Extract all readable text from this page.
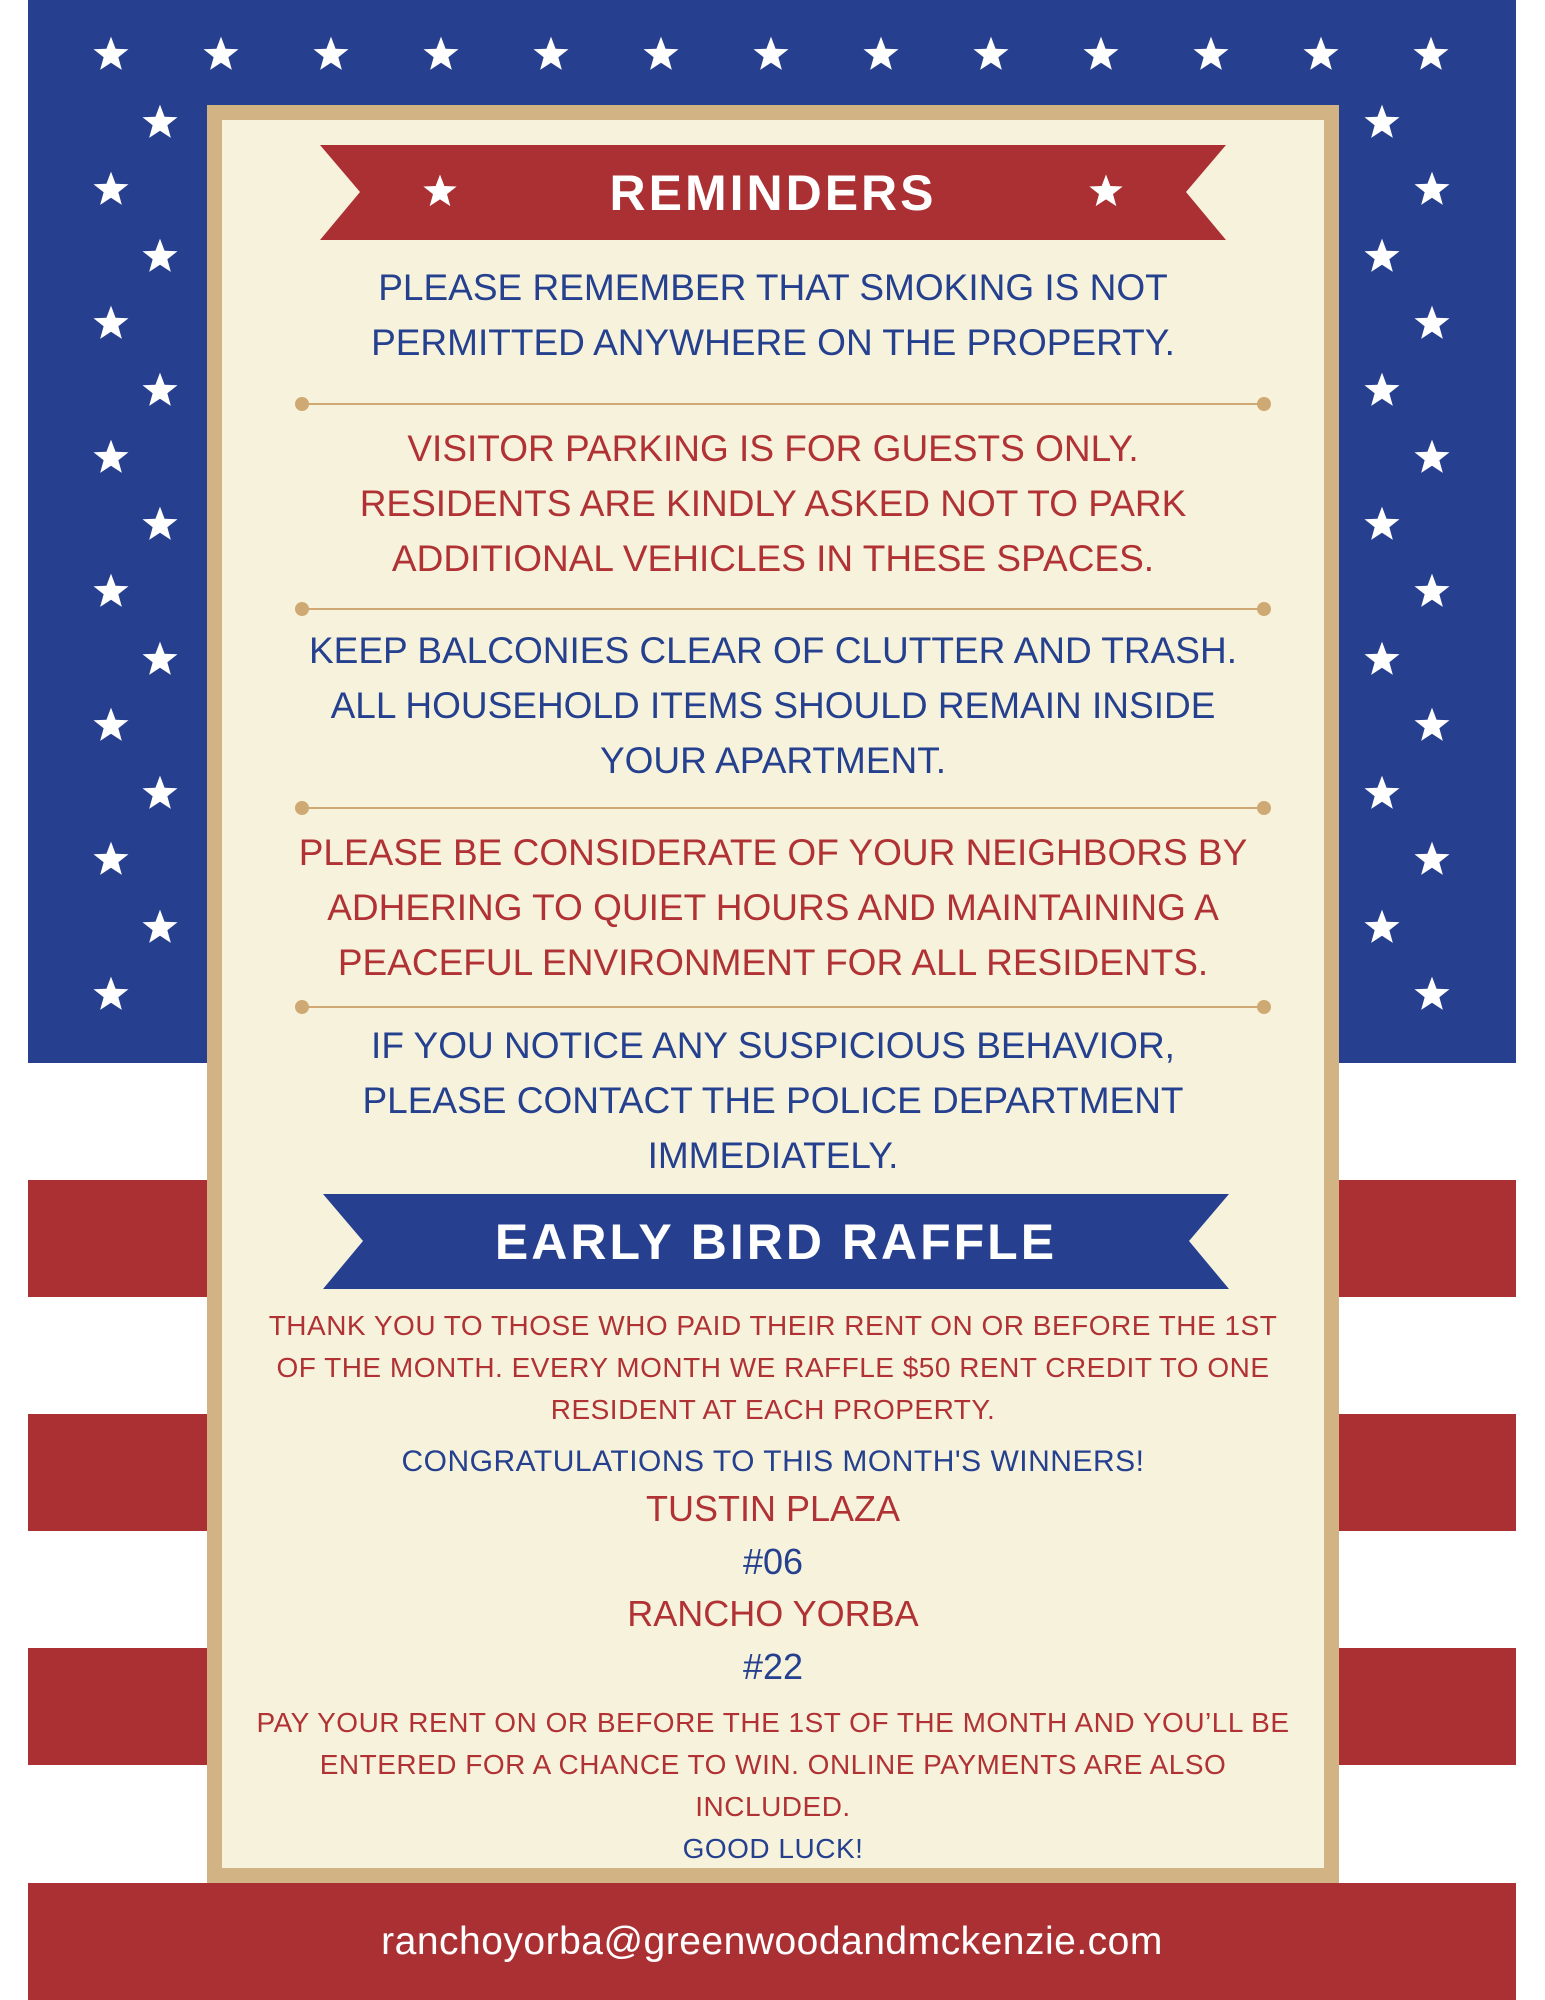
ranchoyorba@greenwoodandmckenzie.com
REMINDERS
PLEASE REMEMBER THAT SMOKING IS NOT
PERMITTED ANYWHERE ON THE PROPERTY.
VISITOR PARKING IS FOR GUESTS ONLY.
RESIDENTS ARE KINDLY ASKED NOT TO PARK
ADDITIONAL VEHICLES IN THESE SPACES.
KEEP BALCONIES CLEAR OF CLUTTER AND TRASH.
ALL HOUSEHOLD ITEMS SHOULD REMAIN INSIDE
YOUR APARTMENT.
PLEASE BE CONSIDERATE OF YOUR NEIGHBORS BY
ADHERING TO QUIET HOURS AND MAINTAINING A
PEACEFUL ENVIRONMENT FOR ALL RESIDENTS.
IF YOU NOTICE ANY SUSPICIOUS BEHAVIOR,
PLEASE CONTACT THE POLICE DEPARTMENT
IMMEDIATELY.
EARLY BIRD RAFFLE
THANK YOU TO THOSE WHO PAID THEIR RENT ON OR BEFORE THE 1ST
OF THE MONTH. EVERY MONTH WE RAFFLE $50 RENT CREDIT TO ONE
RESIDENT AT EACH PROPERTY.
CONGRATULATIONS TO THIS MONTH'S WINNERS!
TUSTIN PLAZA
#06
RANCHO YORBA
#22
PAY YOUR RENT ON OR BEFORE THE 1ST OF THE MONTH AND YOU’LL BE
ENTERED FOR A CHANCE TO WIN. ONLINE PAYMENTS ARE ALSO
INCLUDED.
GOOD LUCK!
